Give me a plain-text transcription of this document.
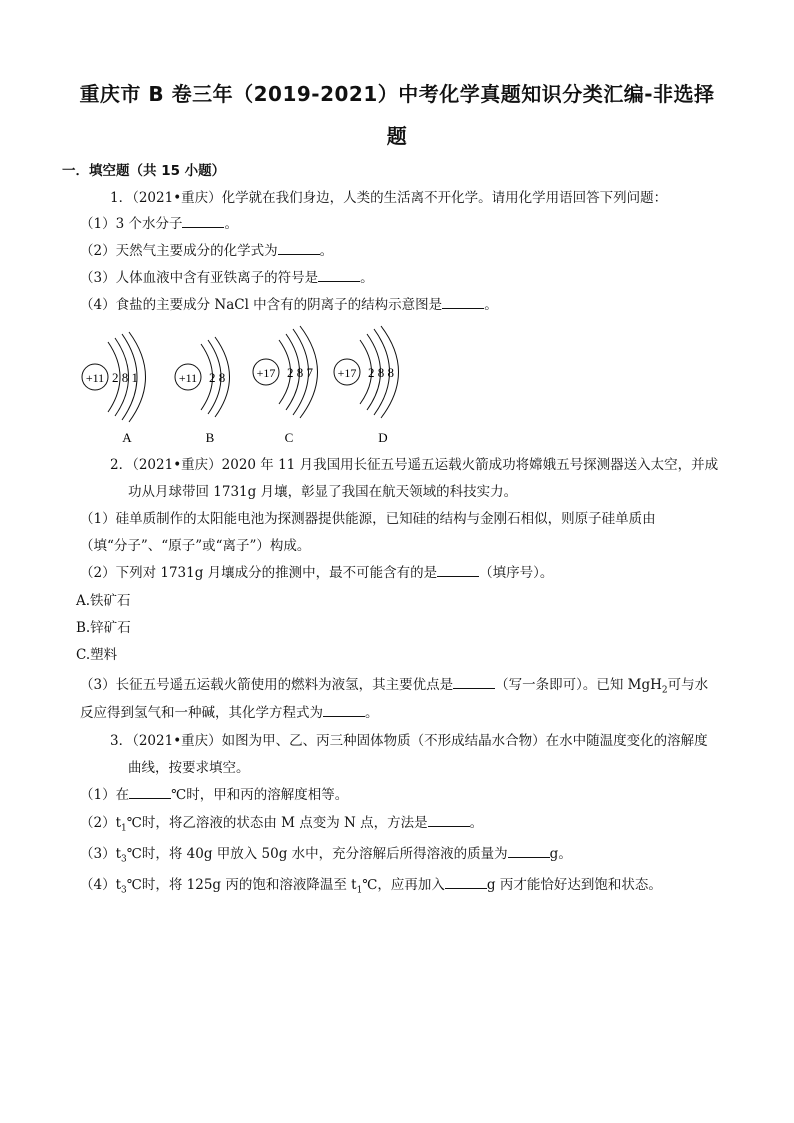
重庆市 B 卷三年（2019-2021）中考化学真题知识分类汇编-非选择
题
一．填空题（共 15 小题）
1．（2021•重庆）化学就在我们身边，人类的生活离不开化学。请用化学用语回答下列问题：
（1）3 个水分子	。
（2）天然气主要成分的化学式为	。
（3）人体血液中含有亚铁离子的符号是	。
（4）食盐的主要成分 NaCl 中含有的阴离子的结构示意图是	。
+11 2 8 1
A
+11 2 8
B
+17 2 8 7
C
+17 2 8 8
D
2．（2021•重庆）2020 年 11 月我国用长征五号遥五运载火箭成功将嫦娥五号探测器送入太空，并成
功从月球带回 1731g 月壤，彰显了我国在航天领域的科技实力。
（1）硅单质制作的太阳能电池为探测器提供能源，已知硅的结构与金刚石相似，则原子硅单质由
（填“分子”、“原子”或“离子”）构成。
（2）下列对 1731g 月壤成分的推测中，最不可能含有的是	（填序号）。
A.铁矿石
B.锌矿石
C.塑料
（3）长征五号遥五运载火箭使用的燃料为液氢，其主要优点是	（写一条即可）。已知 MgH$_2$可与水
反应得到氢气和一种碱，其化学方程式为	。
3．（2021•重庆）如图为甲、乙、丙三种固体物质（不形成结晶水合物）在水中随温度变化的溶解度
曲线，按要求填空。
（1）在	℃时，甲和丙的溶解度相等。
$(2)t_1℃$时，将乙溶液的状态由 M 点变为 N 点，方法是	。
$(3)t_3℃$时，将 40g 甲放入 50g 水中，充分溶解后所得溶液的质量为	g。
$(4)t_3℃$时，将 125g 丙的饱和溶液降温至 $t_1℃$，应再加入	g 丙才能恰好达到饱和状态。
